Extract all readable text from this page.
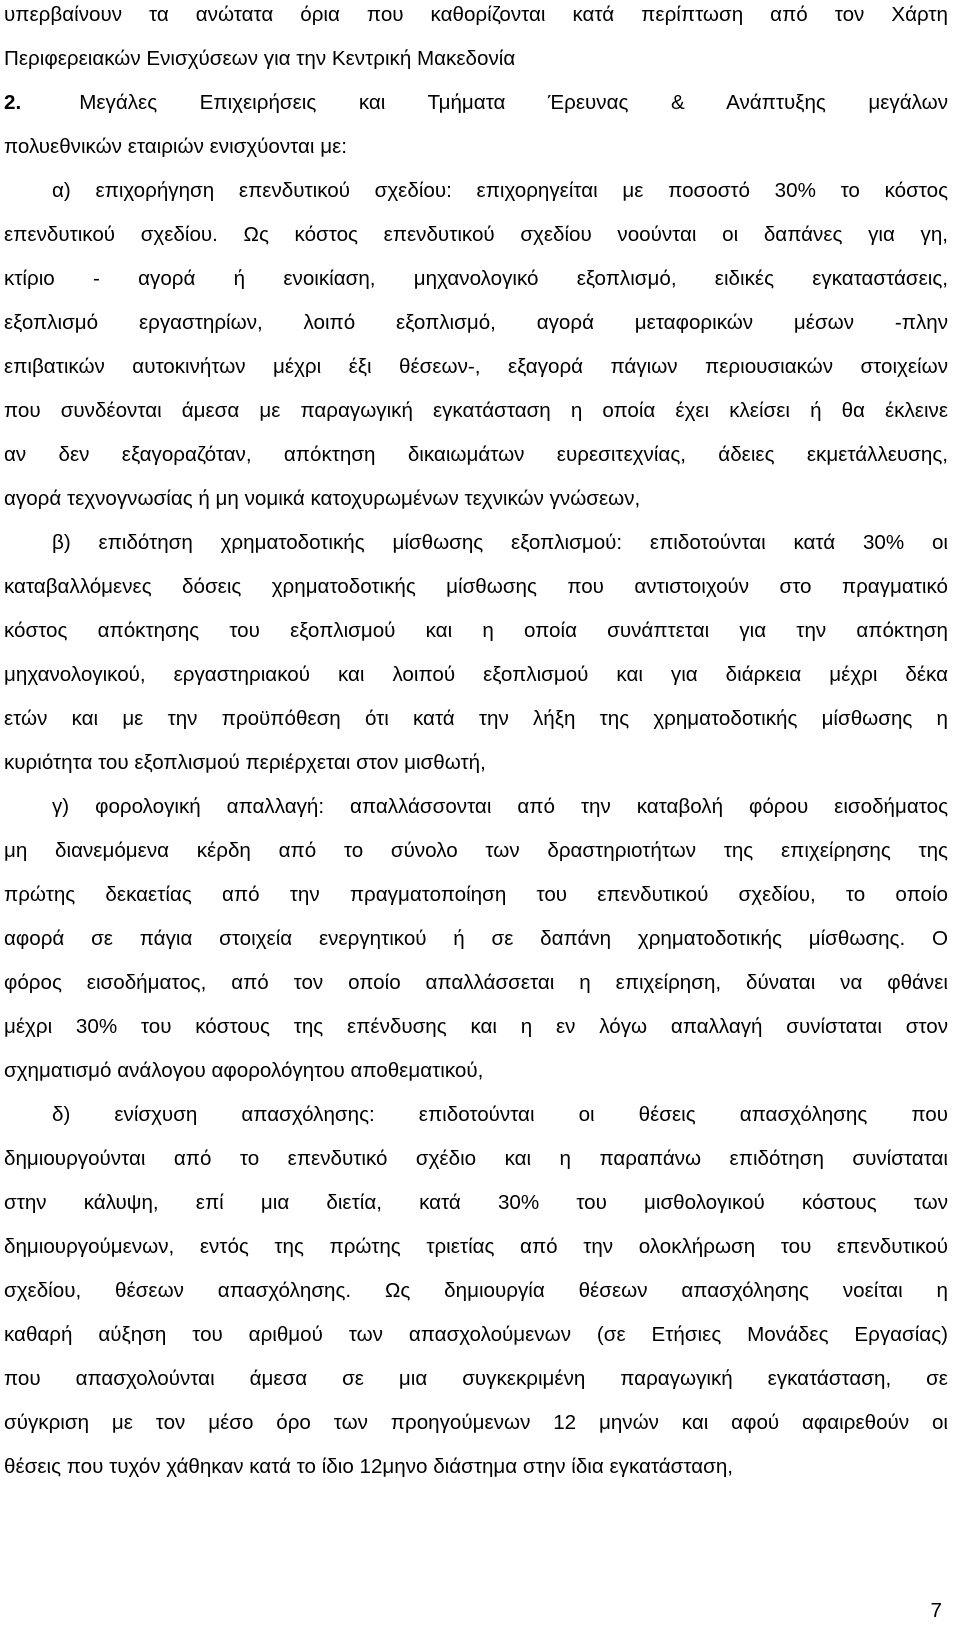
υπερβαίνουν τα ανώτατα όρια που καθορίζονται κατά περίπτωση από τον Χάρτη
Περιφερειακών Ενισχύσεων για την Κεντρική Μακεδονία
2.	Μεγάλες Επιχειρήσεις και Τμήματα Έρευνας & Ανάπτυξης μεγάλων
πολυεθνικών εταιριών ενισχύονται με:
α) επιχορήγηση επενδυτικού σχεδίου: επιχορηγείται με ποσοστό 30% το κόστος
επενδυτικού σχεδίου. Ως κόστος επενδυτικού σχεδίου νοούνται οι δαπάνες για γη,
κτίριο - αγορά ή ενοικίαση, μηχανολογικό εξοπλισμό, ειδικές εγκαταστάσεις,
εξοπλισμό εργαστηρίων, λοιπό εξοπλισμό, αγορά μεταφορικών μέσων -πλην
επιβατικών αυτοκινήτων μέχρι έξι θέσεων-, εξαγορά πάγιων περιουσιακών στοιχείων
που συνδέονται άμεσα με παραγωγική εγκατάσταση η οποία έχει κλείσει ή θα έκλεινε
αν δεν εξαγοραζόταν, απόκτηση δικαιωμάτων ευρεσιτεχνίας, άδειες εκμετάλλευσης,
αγορά τεχνογνωσίας ή μη νομικά κατοχυρωμένων τεχνικών γνώσεων,
β) επιδότηση χρηματοδοτικής μίσθωσης εξοπλισμού: επιδοτούνται κατά 30% οι
καταβαλλόμενες δόσεις χρηματοδοτικής μίσθωσης που αντιστοιχούν στο πραγματικό
κόστος απόκτησης του εξοπλισμού και η οποία συνάπτεται για την απόκτηση
μηχανολογικού, εργαστηριακού και λοιπού εξοπλισμού και για διάρκεια μέχρι δέκα
ετών και με την προϋπόθεση ότι κατά την λήξη της χρηματοδοτικής μίσθωσης η
κυριότητα του εξοπλισμού περιέρχεται στον μισθωτή,
γ) φορολογική απαλλαγή: απαλλάσσονται από την καταβολή φόρου εισοδήματος
μη διανεμόμενα κέρδη από το σύνολο των δραστηριοτήτων της επιχείρησης της
πρώτης δεκαετίας από την πραγματοποίηση του επενδυτικού σχεδίου, το οποίο
αφορά σε πάγια στοιχεία ενεργητικού ή σε δαπάνη χρηματοδοτικής μίσθωσης. Ο
φόρος εισοδήματος, από τον οποίο απαλλάσσεται η επιχείρηση, δύναται να φθάνει
μέχρι 30% του κόστους της επένδυσης και η εν λόγω απαλλαγή συνίσταται στον
σχηματισμό ανάλογου αφορολόγητου αποθεματικού,
δ) ενίσχυση απασχόλησης: επιδοτούνται οι θέσεις απασχόλησης που
δημιουργούνται από το επενδυτικό σχέδιο και η παραπάνω επιδότηση συνίσταται
στην κάλυψη, επί μια διετία, κατά 30% του μισθολογικού κόστους των
δημιουργούμενων, εντός της πρώτης τριετίας από την ολοκλήρωση του επενδυτικού
σχεδίου, θέσεων απασχόλησης. Ως δημιουργία θέσεων απασχόλησης νοείται η
καθαρή αύξηση του αριθμού των απασχολούμενων (σε Ετήσιες Μονάδες Εργασίας)
που απασχολούνται άμεσα σε μια συγκεκριμένη παραγωγική εγκατάσταση, σε
σύγκριση με τον μέσο όρο των προηγούμενων 12 μηνών και αφού αφαιρεθούν οι
θέσεις που τυχόν χάθηκαν κατά το ίδιο 12μηνο διάστημα στην ίδια εγκατάσταση,
7
